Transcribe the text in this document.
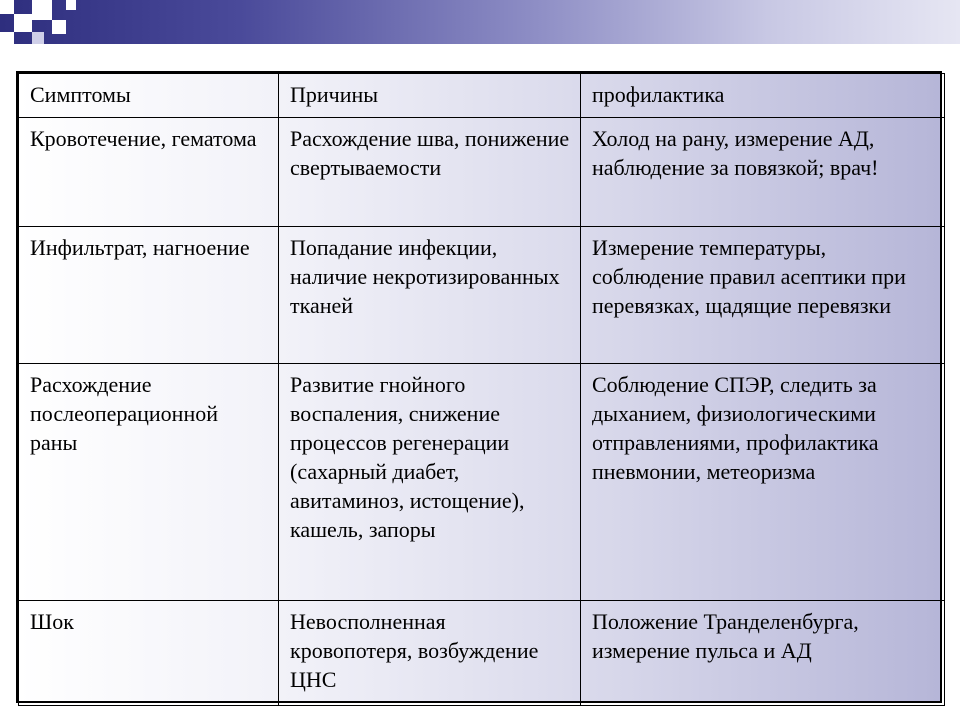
Симптомы	Причины	профилактика
Кровотечение, гематома	Расхождение шва, понижение свертываемости	Холод на рану, измерение АД, наблюдение за повязкой; врач!
Инфильтрат, нагноение	Попадание инфекции, наличие некротизированных тканей	Измерение температуры, соблюдение правил асептики при перевязках, щадящие перевязки
Расхождение послеоперационной раны	Развитие гнойного воспаления, снижение процессов регенерации (сахарный диабет, авитаминоз, истощение), кашель, запоры	Соблюдение СПЭР, следить за дыханием, физиологическими отправлениями, профилактика пневмонии, метеоризма
Шок	Невосполненная кровопотеря, возбуждение ЦНС	Положение Транделенбурга, измерение пульса и АД
